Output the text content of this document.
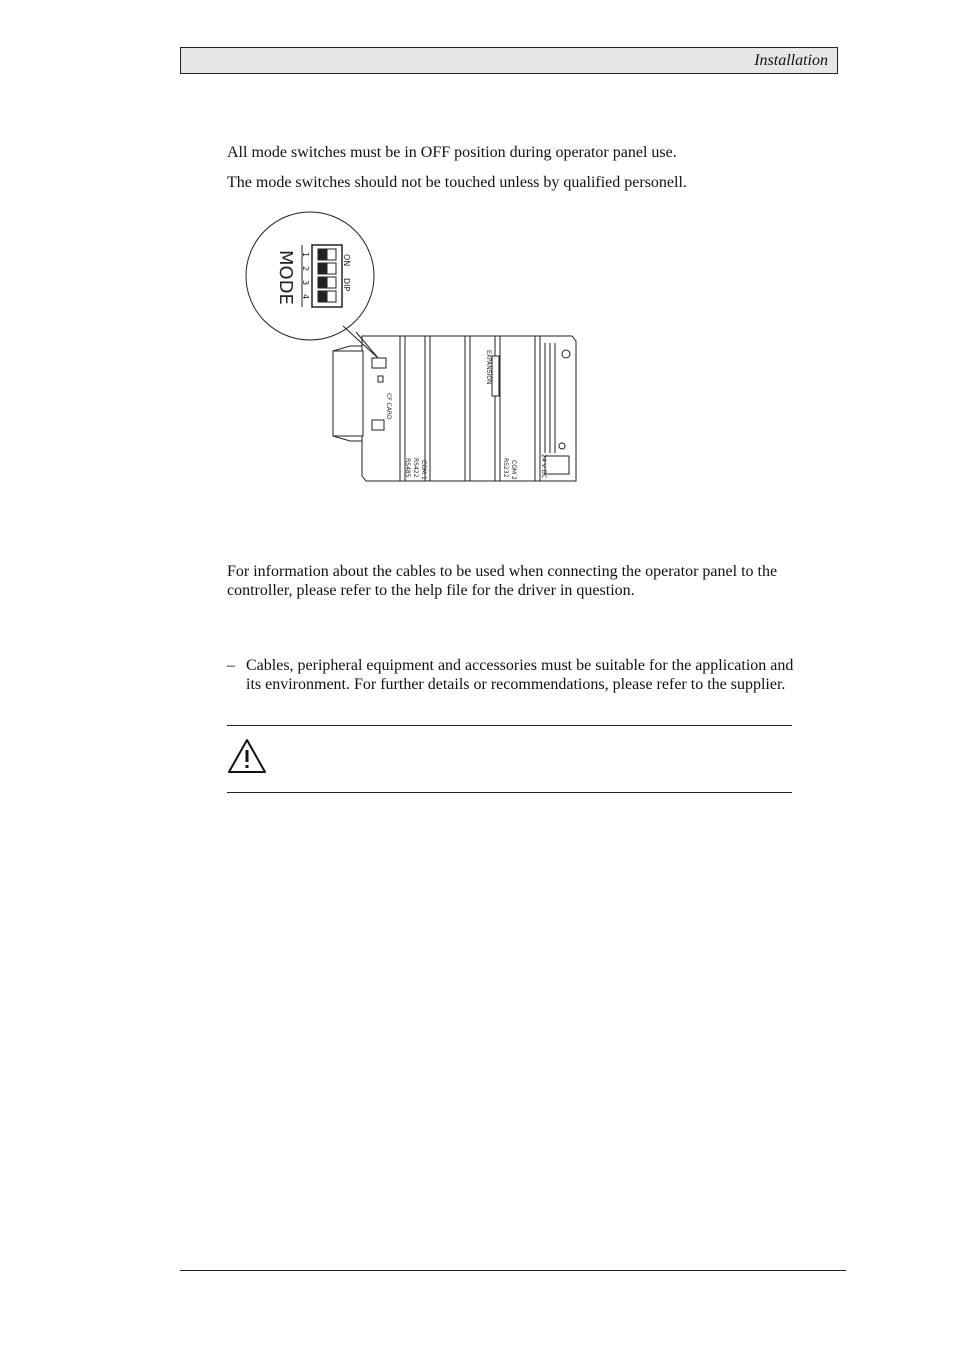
Installation
All mode switches must be in OFF position during operator panel use.
The mode switches should not be touched unless by qualified personell.
MODE	ON
DIP
1
2
3
4
CF CARD
EXPANSION
COM 1
RS422
RS485	COM 2
RS232	24 V DC
For information about the cables to be used when connecting the operator panel to the controller, please refer to the help file for the driver in question.
– Cables, peripheral equipment and accessories must be suitable for the application and its environment. For further details or recommendations, please refer to the supplier.
